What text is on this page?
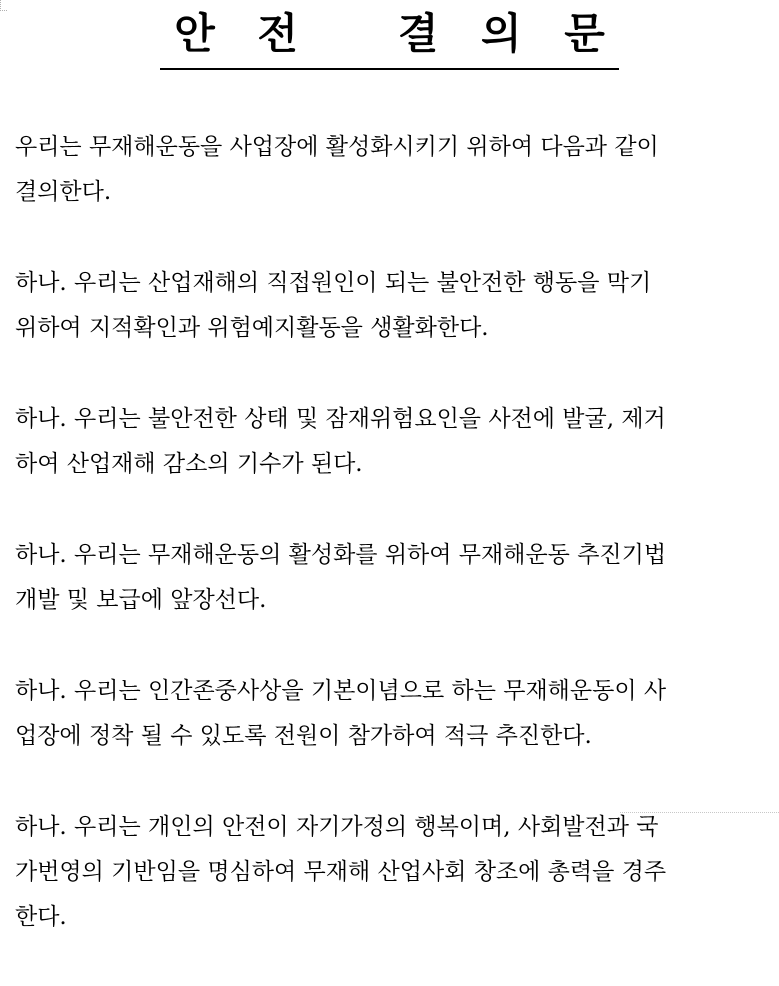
안 전   결 의 문

우리는 무재해운동을 사업장에 활성화시키기 위하여 다음과 같이
결의한다.

하나. 우리는 산업재해의 직접원인이 되는 불안전한 행동을 막기
위하여 지적확인과 위험예지활동을 생활화한다.

하나. 우리는 불안전한 상태 및 잠재위험요인을 사전에 발굴, 제거
하여 산업재해 감소의 기수가 된다.

하나. 우리는 무재해운동의 활성화를 위하여 무재해운동 추진기법
개발 및 보급에 앞장선다.

하나. 우리는 인간존중사상을 기본이념으로 하는 무재해운동이 사
업장에 정착 될 수 있도록 전원이 참가하여 적극 추진한다.

하나. 우리는 개인의 안전이 자기가정의 행복이며, 사회발전과 국
가번영의 기반임을 명심하여 무재해 산업사회 창조에 총력을 경주
한다.
